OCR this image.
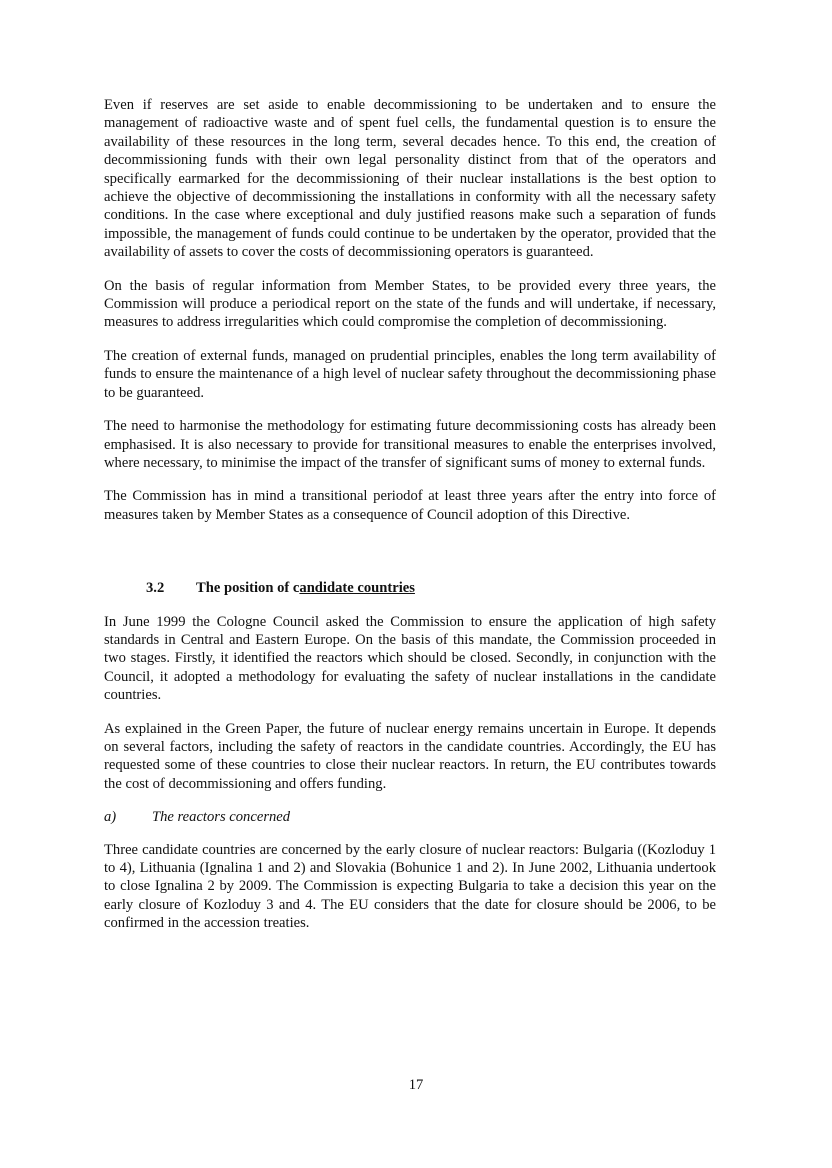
Even if reserves are set aside to enable decommissioning to be undertaken and to ensure the management of radioactive waste and of spent fuel cells, the fundamental question is to ensure the availability of these resources in the long term, several decades hence. To this end, the creation of decommissioning funds with their own legal personality distinct from that of the operators and specifically earmarked for the decommissioning of their nuclear installations is the best option to achieve the objective of decommissioning the installations in conformity with all the necessary safety conditions. In the case where exceptional and duly justified reasons make such a separation of funds impossible, the management of funds could continue to be undertaken by the operator, provided that the availability of assets to cover the costs of decommissioning operators is guaranteed.

On the basis of regular information from Member States, to be provided every three years, the Commission will produce a periodical report on the state of the funds and will undertake, if necessary, measures to address irregularities which could compromise the completion of decommissioning.

The creation of external funds, managed on prudential principles, enables the long term availability of funds to ensure the maintenance of a high level of nuclear safety throughout the decommissioning phase to be guaranteed.

The need to harmonise the methodology for estimating future decommissioning costs has already been emphasised. It is also necessary to provide for transitional measures to enable the enterprises involved, where necessary, to minimise the impact of the transfer of significant sums of money to external funds.

The Commission has in mind a transitional periodof at least three years after the entry into force of measures taken by Member States as a consequence of Council adoption of this Directive.

3.2 The position of candidate countries

In June 1999 the Cologne Council asked the Commission to ensure the application of high safety standards in Central and Eastern Europe. On the basis of this mandate, the Commission proceeded in two stages. Firstly, it identified the reactors which should be closed. Secondly, in conjunction with the Council, it adopted a methodology for evaluating the safety of nuclear installations in the candidate countries.

As explained in the Green Paper, the future of nuclear energy remains uncertain in Europe. It depends on several factors, including the safety of reactors in the candidate countries. Accordingly, the EU has requested some of these countries to close their nuclear reactors. In return, the EU contributes towards the cost of decommissioning and offers funding.

a) The reactors concerned

Three candidate countries are concerned by the early closure of nuclear reactors: Bulgaria ((Kozloduy 1 to 4), Lithuania (Ignalina 1 and 2) and Slovakia (Bohunice 1 and 2). In June 2002, Lithuania undertook to close Ignalina 2 by 2009. The Commission is expecting Bulgaria to take a decision this year on the early closure of Kozloduy 3 and 4. The EU considers that the date for closure should be 2006, to be confirmed in the accession treaties.

17
